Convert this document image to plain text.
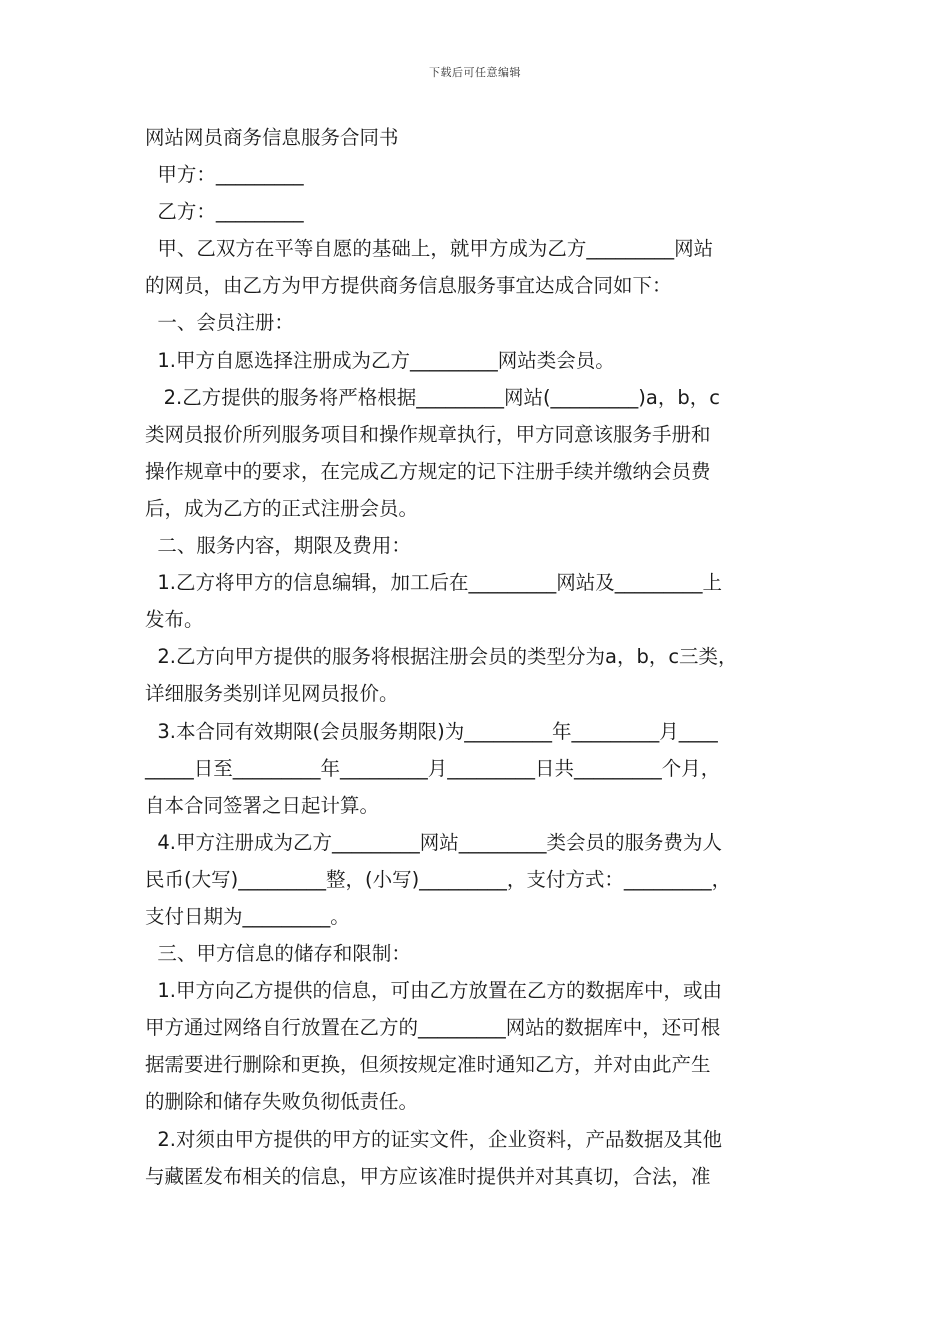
下载后可任意编辑
网站网员商务信息服务合同书
甲方：_________
乙方：_________
甲、乙双方在平等自愿的基础上，就甲方成为乙方_________网站
的网员，由乙方为甲方提供商务信息服务事宜达成合同如下：
一、会员注册：
1.甲方自愿选择注册成为乙方_________网站类会员。
2.乙方提供的服务将严格根据_________网站(_________)a，b，c
类网员报价所列服务项目和操作规章执行，甲方同意该服务手册和
操作规章中的要求，在完成乙方规定的记下注册手续并缴纳会员费
后，成为乙方的正式注册会员。
二、服务内容，期限及费用：
1.乙方将甲方的信息编辑，加工后在_________网站及_________上
发布。
2.乙方向甲方提供的服务将根据注册会员的类型分为a，b，c三类，
详细服务类别详见网员报价。
3.本合同有效期限(会员服务期限)为_________年_________月____
_____日至_________年_________月_________日共_________个月，
自本合同签署之日起计算。
4.甲方注册成为乙方_________网站_________类会员的服务费为人
民币(大写)_________整，(小写)_________，支付方式：_________，
支付日期为_________。
三、甲方信息的储存和限制：
1.甲方向乙方提供的信息，可由乙方放置在乙方的数据库中，或由
甲方通过网络自行放置在乙方的_________网站的数据库中，还可根
据需要进行删除和更换，但须按规定准时通知乙方，并对由此产生
的删除和储存失败负彻低责任。
2.对须由甲方提供的甲方的证实文件，企业资料，产品数据及其他
与藏匿发布相关的信息，甲方应该准时提供并对其真切，合法，准
